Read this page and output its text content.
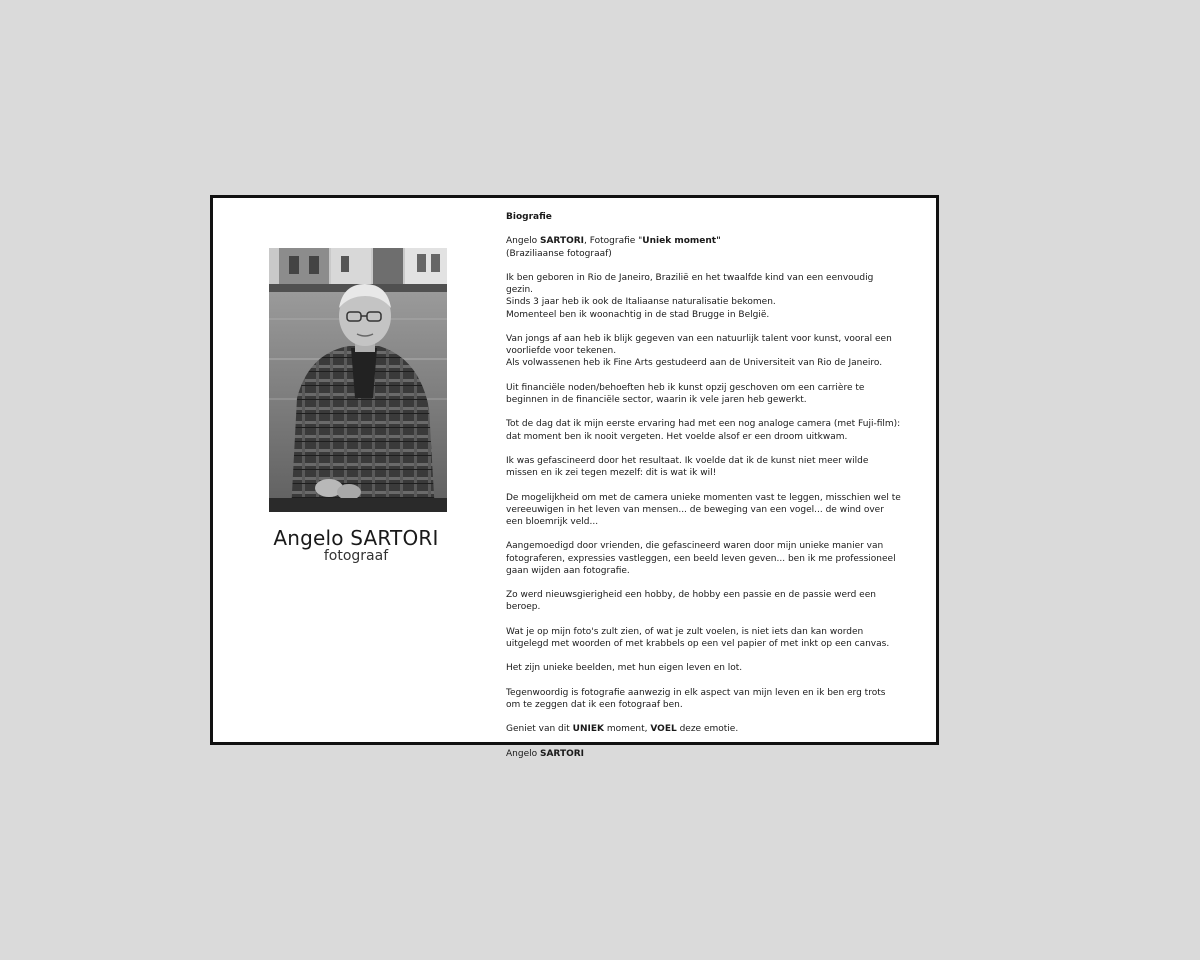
Angelo SARTORI
fotograaf

Biografie

Angelo SARTORI, Fotografie "Uniek moment"
(Braziliaanse fotograaf)

Ik ben geboren in Rio de Janeiro, Brazilië en het twaalfde kind van een eenvoudig gezin.
Sinds 3 jaar heb ik ook de Italiaanse naturalisatie bekomen.
Momenteel ben ik woonachtig in de stad Brugge in België.

Van jongs af aan heb ik blijk gegeven van een natuurlijk talent voor kunst, vooral een voorliefde voor tekenen.
Als volwassenen heb ik Fine Arts gestudeerd aan de Universiteit van Rio de Janeiro.

Uit financiële noden/behoeften heb ik kunst opzij geschoven om een carrière te beginnen in de financiële sector, waarin ik vele jaren heb gewerkt.

Tot de dag dat ik mijn eerste ervaring had met een nog analoge camera (met Fuji-film): dat moment ben ik nooit vergeten. Het voelde alsof er een droom uitkwam.

Ik was gefascineerd door het resultaat. Ik voelde dat ik de kunst niet meer wilde missen en ik zei tegen mezelf: dit is wat ik wil!

De mogelijkheid om met de camera unieke momenten vast te leggen, misschien wel te vereeuwigen in het leven van mensen... de beweging van een vogel... de wind over een bloemrijk veld...

Aangemoedigd door vrienden, die gefascineerd waren door mijn unieke manier van fotograferen, expressies vastleggen, een beeld leven geven... ben ik me professioneel gaan wijden aan fotografie.

Zo werd nieuwsgierigheid een hobby, de hobby een passie en de passie werd een beroep.

Wat je op mijn foto's zult zien, of wat je zult voelen, is niet iets dan kan worden uitgelegd met woorden of met krabbels op een vel papier of met inkt op een canvas.

Het zijn unieke beelden, met hun eigen leven en lot.

Tegenwoordig is fotografie aanwezig in elk aspect van mijn leven en ik ben erg trots om te zeggen dat ik een fotograaf ben.

Geniet van dit UNIEK moment, VOEL deze emotie.

Angelo SARTORI
